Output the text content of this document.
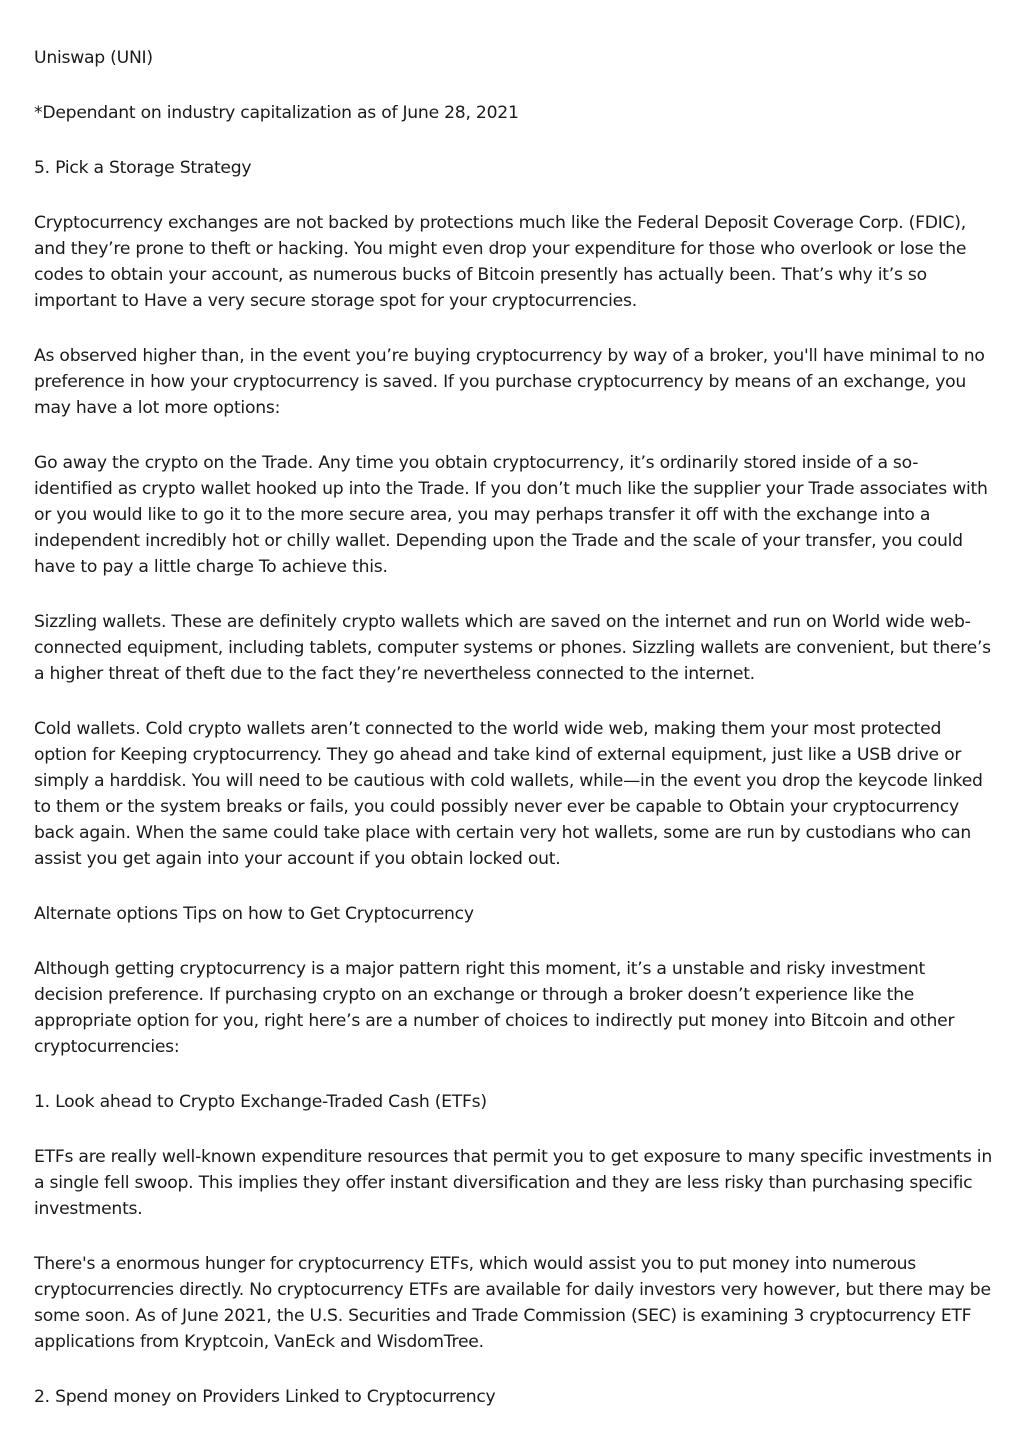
Uniswap (UNI)

*Dependant on industry capitalization as of June 28, 2021

5. Pick a Storage Strategy

Cryptocurrency exchanges are not backed by protections much like the Federal Deposit Coverage Corp. (FDIC), and they’re prone to theft or hacking. You might even drop your expenditure for those who overlook or lose the codes to obtain your account, as numerous bucks of Bitcoin presently has actually been. That’s why it’s so important to Have a very secure storage spot for your cryptocurrencies.

As observed higher than, in the event you’re buying cryptocurrency by way of a broker, you'll have minimal to no preference in how your cryptocurrency is saved. If you purchase cryptocurrency by means of an exchange, you may have a lot more options:

Go away the crypto on the Trade. Any time you obtain cryptocurrency, it’s ordinarily stored inside of a so-identified as crypto wallet hooked up into the Trade. If you don’t much like the supplier your Trade associates with or you would like to go it to the more secure area, you may perhaps transfer it off with the exchange into a independent incredibly hot or chilly wallet. Depending upon the Trade and the scale of your transfer, you could have to pay a little charge To achieve this.

Sizzling wallets. These are definitely crypto wallets which are saved on the internet and run on World wide web-connected equipment, including tablets, computer systems or phones. Sizzling wallets are convenient, but there’s a higher threat of theft due to the fact they’re nevertheless connected to the internet.

Cold wallets. Cold crypto wallets aren’t connected to the world wide web, making them your most protected option for Keeping cryptocurrency. They go ahead and take kind of external equipment, just like a USB drive or simply a harddisk. You will need to be cautious with cold wallets, while—in the event you drop the keycode linked to them or the system breaks or fails, you could possibly never ever be capable to Obtain your cryptocurrency back again. When the same could take place with certain very hot wallets, some are run by custodians who can assist you get again into your account if you obtain locked out.

Alternate options Tips on how to Get Cryptocurrency

Although getting cryptocurrency is a major pattern right this moment, it’s a unstable and risky investment decision preference. If purchasing crypto on an exchange or through a broker doesn’t experience like the appropriate option for you, right here’s are a number of choices to indirectly put money into Bitcoin and other cryptocurrencies:

1. Look ahead to Crypto Exchange-Traded Cash (ETFs)

ETFs are really well-known expenditure resources that permit you to get exposure to many specific investments in a single fell swoop. This implies they offer instant diversification and they are less risky than purchasing specific investments.

There's a enormous hunger for cryptocurrency ETFs, which would assist you to put money into numerous cryptocurrencies directly. No cryptocurrency ETFs are available for daily investors very however, but there may be some soon. As of June 2021, the U.S. Securities and Trade Commission (SEC) is examining 3 cryptocurrency ETF applications from Kryptcoin, VanEck and WisdomTree.

2. Spend money on Providers Linked to Cryptocurrency
